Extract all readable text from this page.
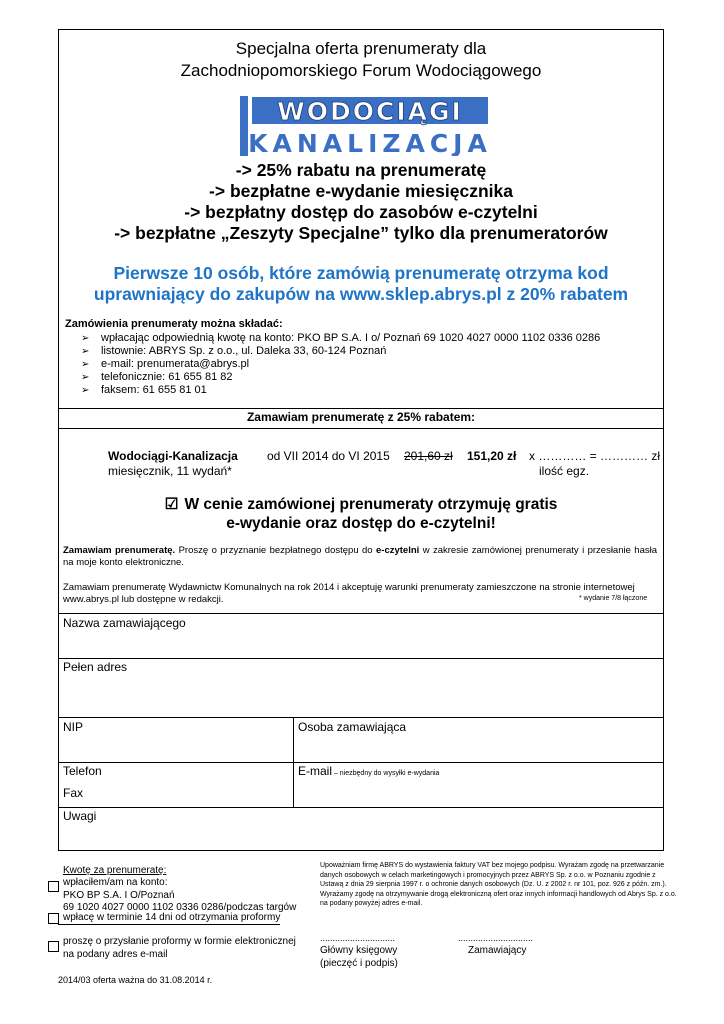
Specjalna oferta prenumeraty dla
Zachodniopomorskiego Forum Wodociągowego
WODOCIĄGI
KANALIZACJA
-> 25% rabatu na prenumeratę
-> bezpłatne e-wydanie miesięcznika
-> bezpłatny dostęp do zasobów e-czytelni
-> bezpłatne „Zeszyty Specjalne” tylko dla prenumeratorów
Pierwsze 10 osób, które zamówią prenumeratę otrzyma kod
uprawniający do zakupów na www.sklep.abrys.pl z 20% rabatem
Zamówienia prenumeraty można składać:
➢ wpłacając odpowiednią kwotę na konto: PKO BP S.A. I o/ Poznań 69 1020 4027 0000 1102 0336 0286
➢ listownie: ABRYS Sp. z o.o., ul. Daleka 33, 60-124 Poznań
➢ e-mail: prenumerata@abrys.pl
➢ telefonicznie: 61 655 81 82
➢ faksem: 61 655 81 01
Zamawiam prenumeratę z 25% rabatem:
Wodociągi-Kanalizacja
miesięcznik, 11 wydań*
od VII 2014 do VI 2015 201,60 zł 151,20 zł x ………… = ………… zł
ilość egz.
☑ W cenie zamówionej prenumeraty otrzymuję gratis
e-wydanie oraz dostęp do e-czytelni!
Zamawiam prenumeratę. Proszę o przyznanie bezpłatnego dostępu do e-czytelni w zakresie zamówionej prenumeraty i przesłanie hasła na moje konto elektroniczne.
Zamawiam prenumeratę Wydawnictw Komunalnych na rok 2014 i akceptuję warunki prenumeraty zamieszczone na stronie internetowej www.abrys.pl lub dostępne w redakcji.	* wydanie 7/8 łączone
Nazwa zamawiającego
Pełen adres
NIP	Osoba zamawiająca
Telefon
Fax
E-mail – niezbędny do wysyłki e-wydania
Uwagi
Kwotę za prenumeratę:
wpłaciłem/am na konto:
PKO BP S.A. I O/Poznań
69 1020 4027 0000 1102 0336 0286/podczas targów
wpłacę w terminie 14 dni od otrzymania proformy
proszę o przysłanie proformy w formie elektronicznej
na podany adres e-mail
Upoważniam firmę ABRYS do wystawienia faktury VAT bez mojego podpisu. Wyrażam zgodę na przetwarzanie danych osobowych w celach marketingowych i promocyjnych przez ABRYS Sp. z o.o. w Poznaniu zgodnie z Ustawą z dnia 29 sierpnia 1997 r. o ochronie danych osobowych (Dz. U. z 2002 r. nr 101, poz. 926 z późn. zm.). Wyrażamy zgodę na otrzymywanie drogą elektroniczną ofert oraz innych informacji handlowych od Abrys Sp. z o.o. na podany powyżej adres e-mail.
..............................
Główny księgowy
(pieczęć i podpis)
..............................
Zamawiający
2014/03 oferta ważna do 31.08.2014 r.
